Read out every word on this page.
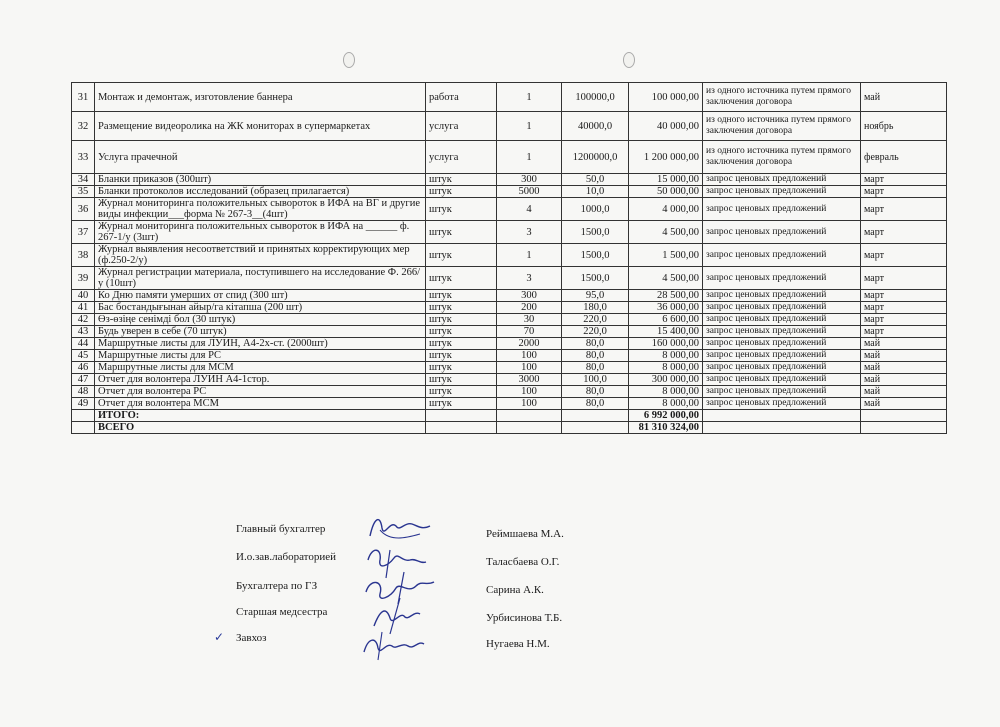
31	Монтаж и демонтаж, изготовление баннера	работа	1	100000,0	100 000,00	из одного источника путем прямого заключения договора	май
32	Размещение видеоролика на ЖК мониторах в супермаркетах	услуга	1	40000,0	40 000,00	из одного источника путем прямого заключения договора	ноябрь
33	Услуга прачечной	услуга	1	1200000,0	1 200 000,00	из одного источника путем прямого заключения договора	февраль
34	Бланки приказов (300шт)	штук	300	50,0	15 000,00	запрос ценовых предложений	март
35	Бланки протоколов исследований (образец прилагается)	штук	5000	10,0	50 000,00	запрос ценовых предложений	март
36	Журнал мониторинга положительных сывороток в ИФА на ВГ и другие виды инфекции___форма № 267-3__(4шт)	штук	4	1000,0	4 000,00	запрос ценовых предложений	март
37	Журнал мониторинга положительных сывороток в ИФА на ______ ф. 267-1/у (3шт)	штук	3	1500,0	4 500,00	запрос ценовых предложений	март
38	Журнал выявления несоответствий и принятых корректирующих мер (ф.250-2/у)	штук	1	1500,0	1 500,00	запрос ценовых предложений	март
39	Журнал регистрации материала, поступившего на исследование Ф. 266/у (10шт)	штук	3	1500,0	4 500,00	запрос ценовых предложений	март
40	Ко Дню памяти умерших от спид (300 шт)	штук	300	95,0	28 500,00	запрос ценовых предложений	март
41	Бас бостандығынан айыр/га кітапша (200 шт)	штук	200	180,0	36 000,00	запрос ценовых предложений	март
42	Өз-өзіңе сенімді бол (30 штук)	штук	30	220,0	6 600,00	запрос ценовых предложений	март
43	Будь уверен в себе (70 штук)	штук	70	220,0	15 400,00	запрос ценовых предложений	март
44	Маршрутные листы для ЛУИН, А4-2х-ст. (2000шт)	штук	2000	80,0	160 000,00	запрос ценовых предложений	май
45	Маршрутные листы для РС	штук	100	80,0	8 000,00	запрос ценовых предложений	май
46	Маршрутные листы для МСМ	штук	100	80,0	8 000,00	запрос ценовых предложений	май
47	Отчет для волонтера ЛУИН А4-1стор.	штук	3000	100,0	300 000,00	запрос ценовых предложений	май
48	Отчет для волонтера РС	штук	100	80,0	8 000,00	запрос ценовых предложений	май
49	Отчет для волонтера МСМ	штук	100	80,0	8 000,00	запрос ценовых предложений	май
	ИТОГО:				6 992 000,00		
	ВСЕГО				81 310 324,00		
Главный бухгалтер	Реймшаева М.А.
И.о.зав.лабораторией	Таласбаева О.Г.
Бухгалтера по ГЗ	Сарина А.К.
Старшая медсестра	Урбисинова Т.Б.
Завхоз	Нугаева Н.М.
✓
